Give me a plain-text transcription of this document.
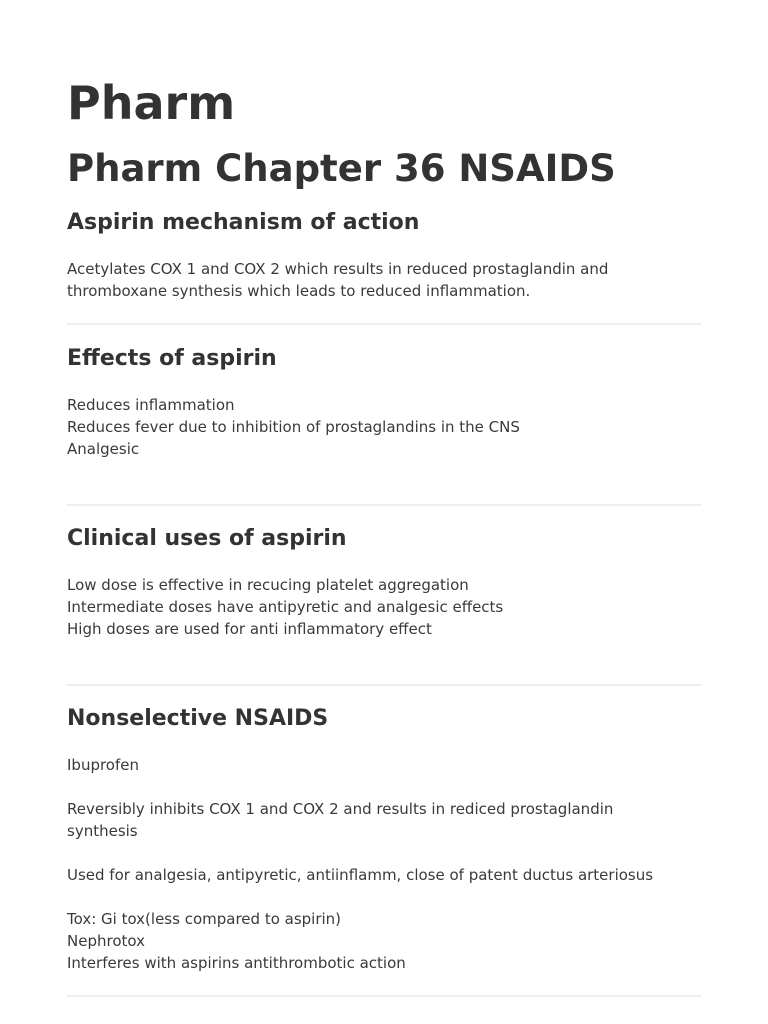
Pharm
Pharm Chapter 36 NSAIDS
Aspirin mechanism of action

Acetylates COX 1 and COX 2 which results in reduced prostaglandin and
thromboxane synthesis which leads to reduced inflammation.

Effects of aspirin

Reduces inflammation
Reduces fever due to inhibition of prostaglandins in the CNS
Analgesic

Clinical uses of aspirin

Low dose is effective in recucing platelet aggregation
Intermediate doses have antipyretic and analgesic effects
High doses are used for anti inflammatory effect

Nonselective NSAIDS

Ibuprofen
Reversibly inhibits COX 1 and COX 2 and results in rediced prostaglandin
synthesis
Used for analgesia, antipyretic, antiinflamm, close of patent ductus arteriosus
Tox: Gi tox(less compared to aspirin)
Nephrotox
Interferes with aspirins antithrombotic action
